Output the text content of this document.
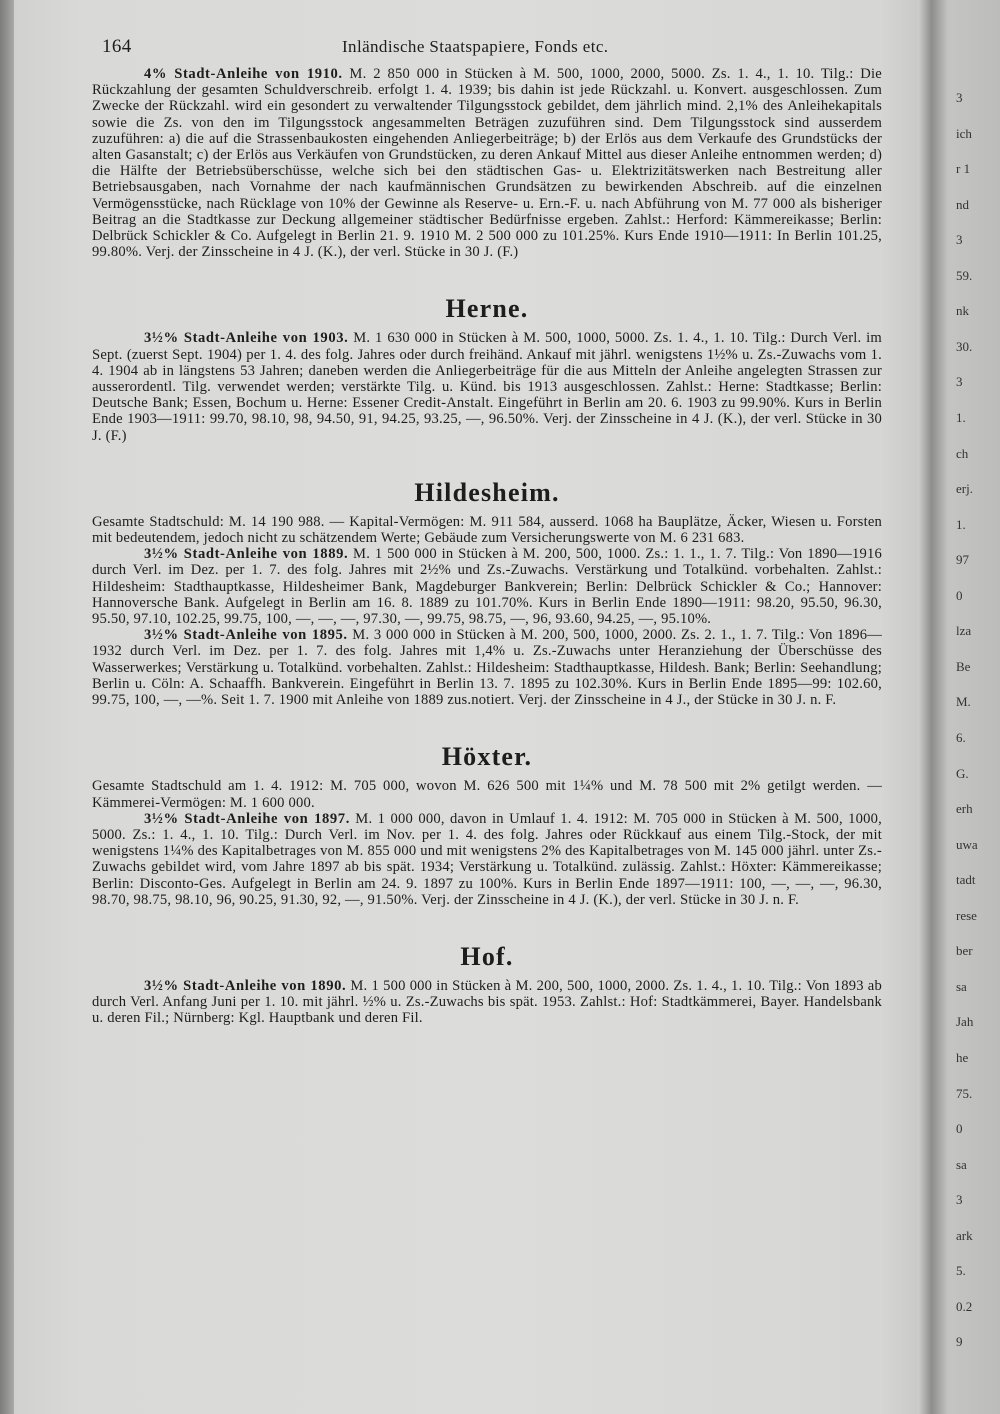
164	Inländische Staatspapiere, Fonds etc.

4% Stadt-Anleihe von 1910. M. 2 850 000 in Stücken à M. 500, 1000, 2000, 5000. Zs. 1. 4., 1. 10. Tilg.: Die Rückzahlung der gesamten Schuldverschreib. erfolgt 1. 4. 1939; bis dahin ist jede Rückzahl. u. Konvert. ausgeschlossen. Zum Zwecke der Rückzahl. wird ein gesondert zu verwaltender Tilgungsstock gebildet, dem jährlich mind. 2,1% des Anleihekapitals sowie die Zs. von den im Tilgungsstock angesammelten Beträgen zuzuführen sind. Dem Tilgungsstock sind ausserdem zuzuführen: a) die auf die Strassenbaukosten eingehenden Anliegerbeiträge; b) der Erlös aus dem Verkaufe des Grundstücks der alten Gasanstalt; c) der Erlös aus Verkäufen von Grundstücken, zu deren Ankauf Mittel aus dieser Anleihe entnommen werden; d) die Hälfte der Betriebsüberschüsse, welche sich bei den städtischen Gas- u. Elektrizitätswerken nach Bestreitung aller Betriebsausgaben, nach Vornahme der nach kaufmännischen Grundsätzen zu bewirkenden Abschreib. auf die einzelnen Vermögensstücke, nach Rücklage von 10% der Gewinne als Reserve- u. Ern.-F. u. nach Abführung von M. 77 000 als bisheriger Beitrag an die Stadtkasse zur Deckung allgemeiner städtischer Bedürfnisse ergeben. Zahlst.: Herford: Kämmereikasse; Berlin: Delbrück Schickler & Co. Aufgelegt in Berlin 21. 9. 1910 M. 2 500 000 zu 101.25%. Kurs Ende 1910—1911: In Berlin 101.25, 99.80%. Verj. der Zinsscheine in 4 J. (K.), der verl. Stücke in 30 J. (F.)

Herne.

3½% Stadt-Anleihe von 1903. M. 1 630 000 in Stücken à M. 500, 1000, 5000. Zs. 1. 4., 1. 10. Tilg.: Durch Verl. im Sept. (zuerst Sept. 1904) per 1. 4. des folg. Jahres oder durch freihänd. Ankauf mit jährl. wenigstens 1½% u. Zs.-Zuwachs vom 1. 4. 1904 ab in längstens 53 Jahren; daneben werden die Anliegerbeiträge für die aus Mitteln der Anleihe angelegten Strassen zur ausserordentl. Tilg. verwendet werden; verstärkte Tilg. u. Künd. bis 1913 ausgeschlossen. Zahlst.: Herne: Stadtkasse; Berlin: Deutsche Bank; Essen, Bochum u. Herne: Essener Credit-Anstalt. Eingeführt in Berlin am 20. 6. 1903 zu 99.90%. Kurs in Berlin Ende 1903—1911: 99.70, 98.10, 98, 94.50, 91, 94.25, 93.25, —, 96.50%. Verj. der Zinsscheine in 4 J. (K.), der verl. Stücke in 30 J. (F.)

Hildesheim.

Gesamte Stadtschuld: M. 14 190 988. — Kapital-Vermögen: M. 911 584, ausserd. 1068 ha Bauplätze, Äcker, Wiesen u. Forsten mit bedeutendem, jedoch nicht zu schätzendem Werte; Gebäude zum Versicherungswerte von M. 6 231 683.

3½% Stadt-Anleihe von 1889. M. 1 500 000 in Stücken à M. 200, 500, 1000. Zs.: 1. 1., 1. 7. Tilg.: Von 1890—1916 durch Verl. im Dez. per 1. 7. des folg. Jahres mit 2½% und Zs.-Zuwachs. Verstärkung und Totalkünd. vorbehalten. Zahlst.: Hildesheim: Stadthauptkasse, Hildesheimer Bank, Magdeburger Bankverein; Berlin: Delbrück Schickler & Co.; Hannover: Hannoversche Bank. Aufgelegt in Berlin am 16. 8. 1889 zu 101.70%. Kurs in Berlin Ende 1890—1911: 98.20, 95.50, 96.30, 95.50, 97.10, 102.25, 99.75, 100, —, —, —, 97.30, —, 99.75, 98.75, —, 96, 93.60, 94.25, —, 95.10%.

3½% Stadt-Anleihe von 1895. M. 3 000 000 in Stücken à M. 200, 500, 1000, 2000. Zs. 2. 1., 1. 7. Tilg.: Von 1896—1932 durch Verl. im Dez. per 1. 7. des folg. Jahres mit 1,4% u. Zs.-Zuwachs unter Heranziehung der Überschüsse des Wasserwerkes; Verstärkung u. Totalkünd. vorbehalten. Zahlst.: Hildesheim: Stadthauptkasse, Hildesh. Bank; Berlin: Seehandlung; Berlin u. Cöln: A. Schaaffh. Bankverein. Eingeführt in Berlin 13. 7. 1895 zu 102.30%. Kurs in Berlin Ende 1895—99: 102.60, 99.75, 100, —, —%. Seit 1. 7. 1900 mit Anleihe von 1889 zus.notiert. Verj. der Zinsscheine in 4 J., der Stücke in 30 J. n. F.

Höxter.

Gesamte Stadtschuld am 1. 4. 1912: M. 705 000, wovon M. 626 500 mit 1¼% und M. 78 500 mit 2% getilgt werden. — Kämmerei-Vermögen: M. 1 600 000.

3½% Stadt-Anleihe von 1897. M. 1 000 000, davon in Umlauf 1. 4. 1912: M. 705 000 in Stücken à M. 500, 1000, 5000. Zs.: 1. 4., 1. 10. Tilg.: Durch Verl. im Nov. per 1. 4. des folg. Jahres oder Rückkauf aus einem Tilg.-Stock, der mit wenigstens 1¼% des Kapitalbetrages von M. 855 000 und mit wenigstens 2% des Kapitalbetrages von M. 145 000 jährl. unter Zs.-Zuwachs gebildet wird, vom Jahre 1897 ab bis spät. 1934; Verstärkung u. Totalkünd. zulässig. Zahlst.: Höxter: Kämmereikasse; Berlin: Disconto-Ges. Aufgelegt in Berlin am 24. 9. 1897 zu 100%. Kurs in Berlin Ende 1897—1911: 100, —, —, —, 96.30, 98.70, 98.75, 98.10, 96, 90.25, 91.30, 92, —, 91.50%. Verj. der Zinsscheine in 4 J. (K.), der verl. Stücke in 30 J. n. F.

Hof.

3½% Stadt-Anleihe von 1890. M. 1 500 000 in Stücken à M. 200, 500, 1000, 2000. Zs. 1. 4., 1. 10. Tilg.: Von 1893 ab durch Verl. Anfang Juni per 1. 10. mit jährl. ½% u. Zs.-Zuwachs bis spät. 1953. Zahlst.: Hof: Stadtkämmerei, Bayer. Handelsbank u. deren Fil.; Nürnberg: Kgl. Hauptbank und deren Fil.

3
ich
r 1
nd
3
59.
nk
30.
3
1.
ch
erj.
1.
97
0
lza
Be
M.
6.
G.
erh
uwa
tadt
rese
ber
sa
Jah
he
75.
0
sa
3
ark
5.
0.2
9
